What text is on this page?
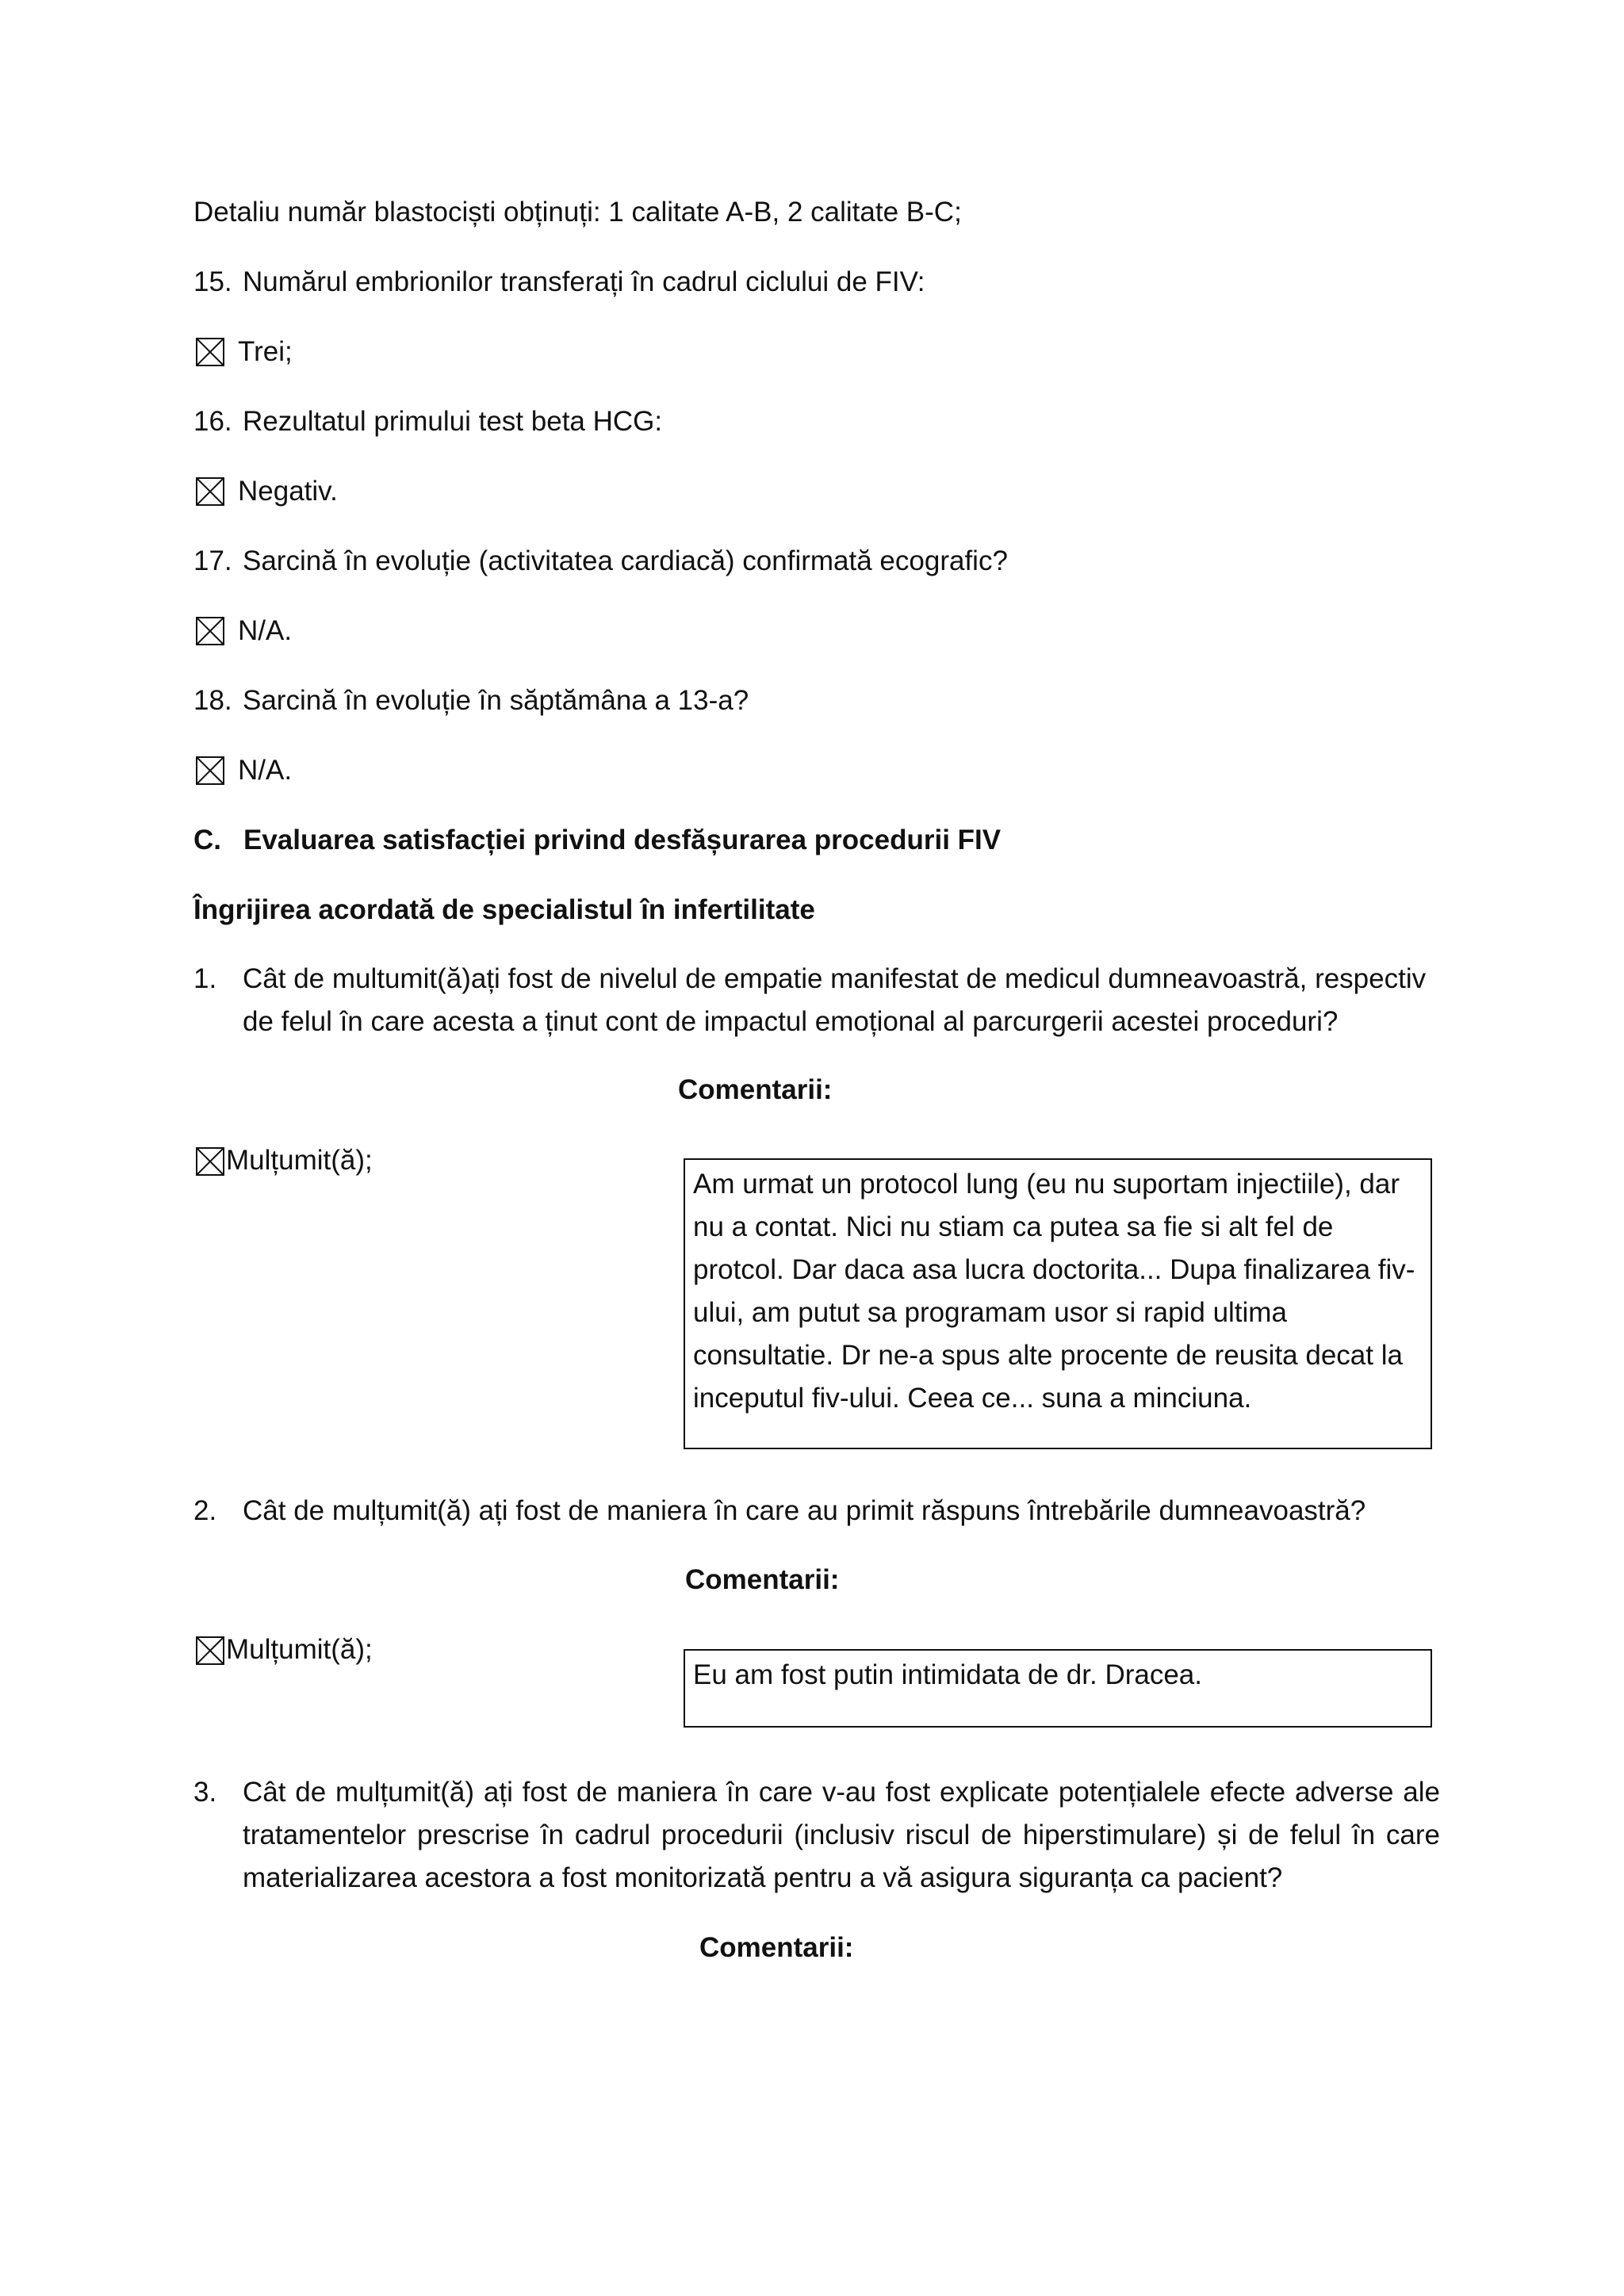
Detaliu număr blastociști obținuți: 1 calitate A-B, 2 calitate B-C;
15. Numărul embrionilor transferați în cadrul ciclului de FIV:
Trei;
16. Rezultatul primului test beta HCG:
Negativ.
17. Sarcină în evoluție (activitatea cardiacă) confirmată ecografic?
N/A.
18. Sarcină în evoluție în săptămâna a 13-a?
N/A.
C. Evaluarea satisfacției privind desfășurarea procedurii FIV
Îngrijirea acordată de specialistul în infertilitate
1. Cât de multumit(ă)ați fost de nivelul de empatie manifestat de medicul dumneavoastră, respectiv de felul în care acesta a ținut cont de impactul emoțional al parcurgerii acestei proceduri?
Comentarii:
Mulțumit(ă);
Am urmat un protocol lung (eu nu suportam injectiile), dar nu a contat. Nici nu stiam ca putea sa fie si alt fel de protcol. Dar daca asa lucra doctorita... Dupa finalizarea fiv-ului, am putut sa programam usor si rapid ultima consultatie. Dr ne-a spus alte procente de reusita decat la inceputul fiv-ului. Ceea ce... suna a minciuna.
2. Cât de mulțumit(ă) ați fost de maniera în care au primit răspuns întrebările dumneavoastră?
Comentarii:
Mulțumit(ă);
Eu am fost putin intimidata de dr. Dracea.
3. Cât de mulțumit(ă) ați fost de maniera în care v-au fost explicate potențialele efecte adverse ale tratamentelor prescrise în cadrul procedurii (inclusiv riscul de hiperstimulare) și de felul în care materializarea acestora a fost monitorizată pentru a vă asigura siguranța ca pacient?
Comentarii:
